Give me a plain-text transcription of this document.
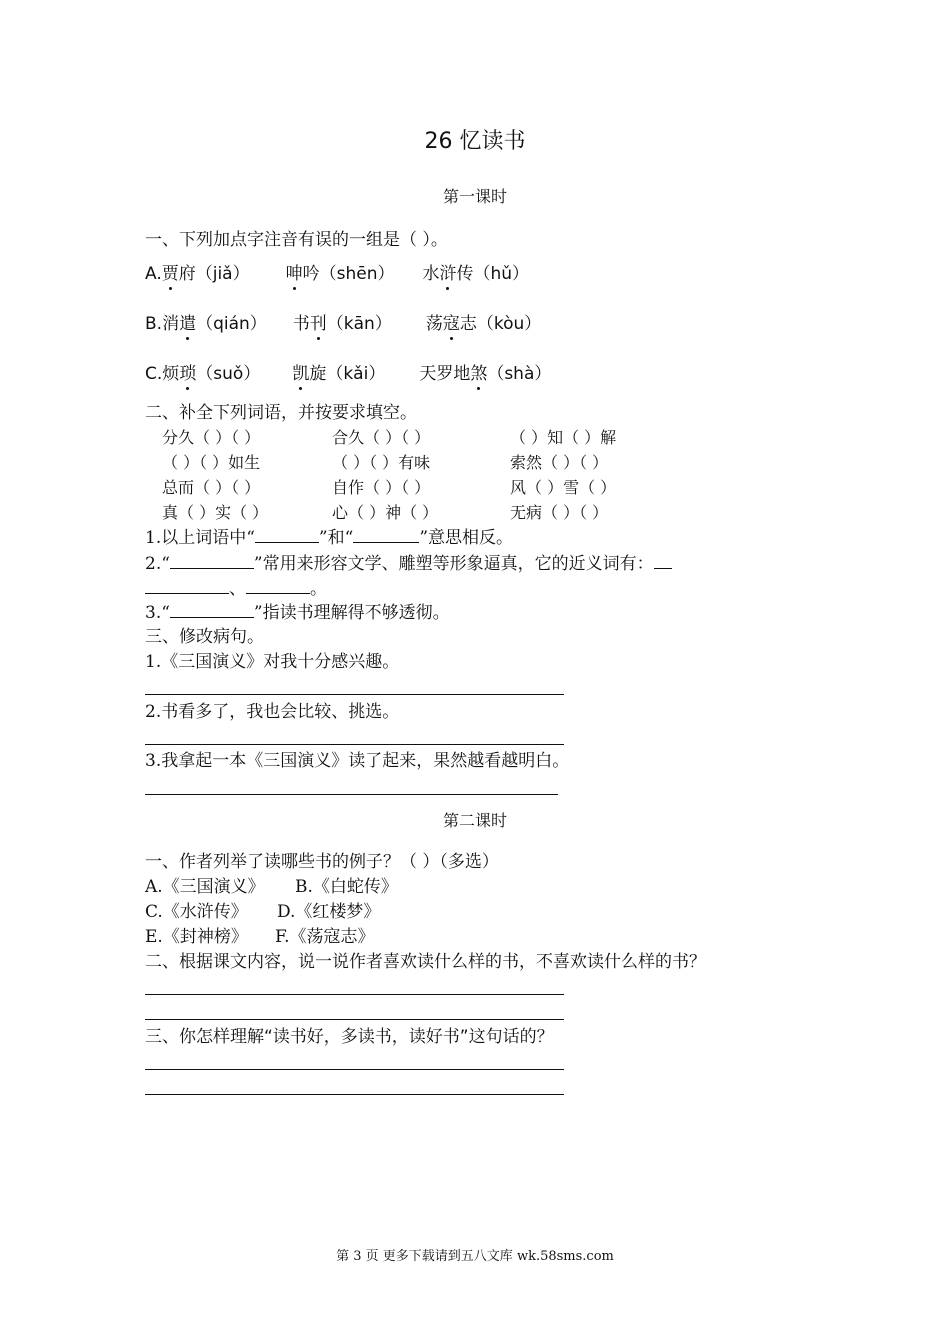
26 忆读书
第一课时
一、下列加点字注音有误的一组是（ ）。
A.贾府（jiǎ） 呻吟（shēn） 水浒传（hǔ）
B.消遣（qián） 书刊（kān） 荡寇志（kòu）
C.烦琐（suǒ） 凯旋（kǎi） 天罗地煞（shà）
二、补全下列词语，并按要求填空。
分久（ ）（ ）	合久（ ）（ ）	（ ）知（ ）解
（ ）（ ）如生	（ ）（ ）有味	索然（ ）（ ）
总而（ ）（ ）	自作（ ）（ ）	风（ ）雪（ ）
真（ ）实（ ）	心（ ）神（ ）	无病（ ）（ ）
1.以上词语中“	”和“	”意思相反。
2.“	”常用来形容文学、雕塑等形象逼真，它的近义词有：
、	。
3.“	”指读书理解得不够透彻。
三、修改病句。
1.《三国演义》对我十分感兴趣。
2.书看多了，我也会比较、挑选。
3.我拿起一本《三国演义》读了起来，果然越看越明白。
第二课时
一、作者列举了读哪些书的例子？（ ）（多选）
A.《三国演义》 B.《白蛇传》
C.《水浒传》 D.《红楼梦》
E.《封神榜》 F.《荡寇志》
二、根据课文内容，说一说作者喜欢读什么样的书，不喜欢读什么样的书？
三、你怎样理解“读书好，多读书，读好书”这句话的？
第 3 页 更多下载请到五八文库 wk.58sms.com
